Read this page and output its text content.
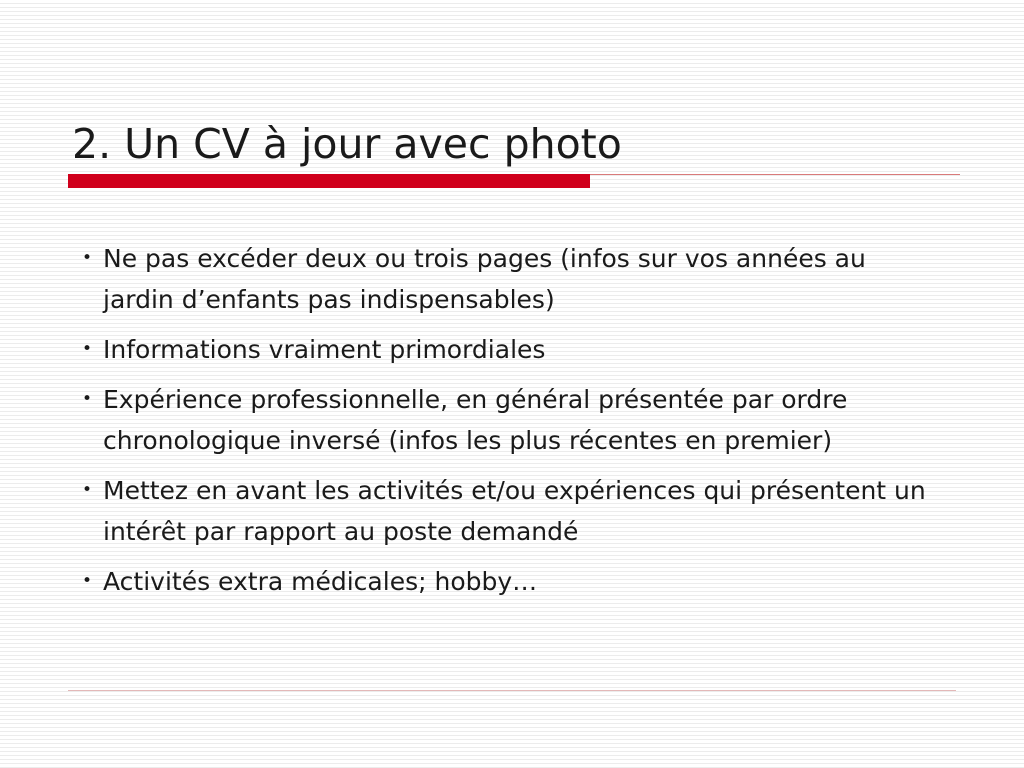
2. Un CV à jour avec photo
• Ne pas excéder deux ou trois pages (infos sur vos années au jardin d’enfants pas indispensables)
• Informations vraiment primordiales
• Expérience professionnelle, en général présentée par ordre chronologique inversé (infos les plus récentes en premier)
• Mettez en avant les activités et/ou expériences qui présentent un intérêt par rapport au poste demandé
• Activités extra médicales; hobby…
